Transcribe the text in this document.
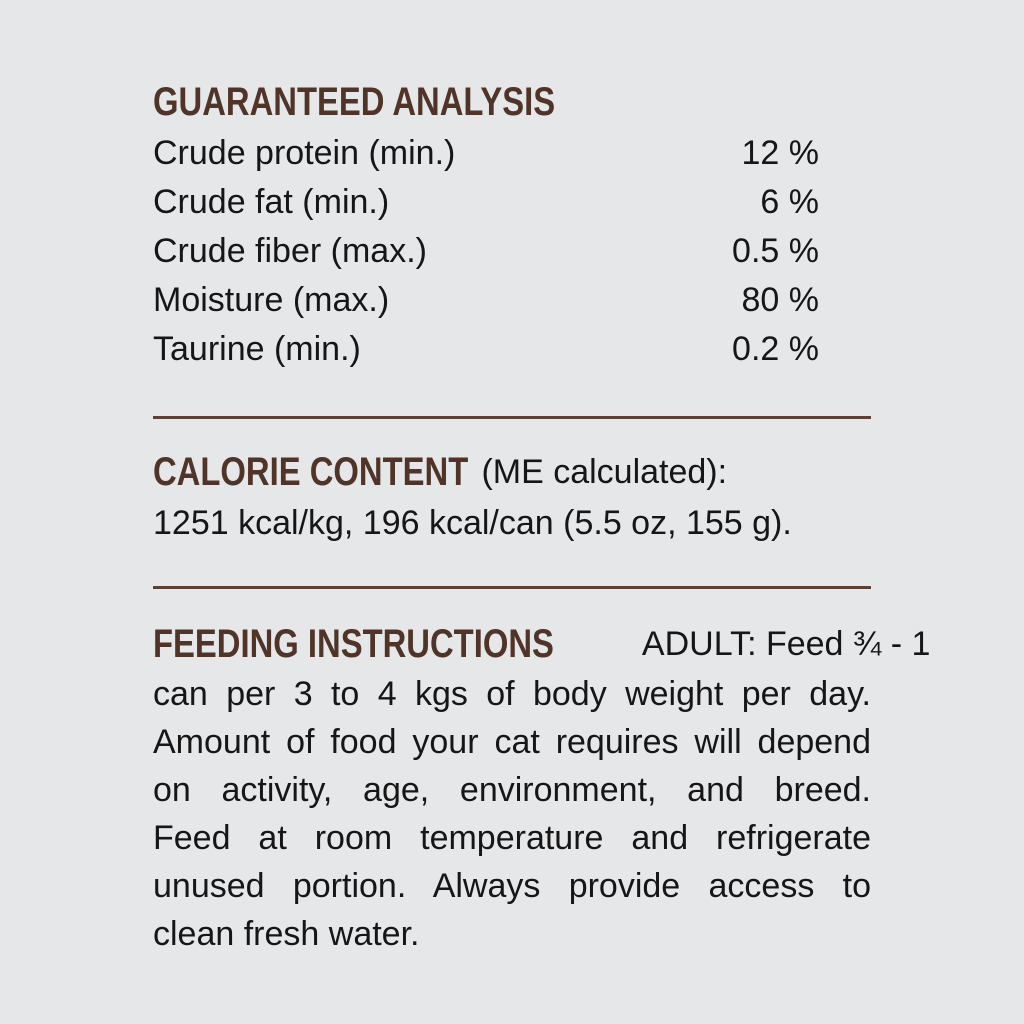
GUARANTEED ANALYSIS
Crude protein (min.)	12 %
Crude fat (min.)	6 %
Crude fiber (max.)	0.5 %
Moisture (max.)	80 %
Taurine (min.)	0.2 %
CALORIE CONTENT (ME calculated):
1251 kcal/kg, 196 kcal/can (5.5 oz, 155 g).
FEEDING INSTRUCTIONS	ADULT: Feed ¾ - 1
can per 3 to 4 kgs of body weight per day.
Amount of food your cat requires will depend
on activity, age, environment, and breed.
Feed at room temperature and refrigerate
unused portion. Always provide access to
clean fresh water.
